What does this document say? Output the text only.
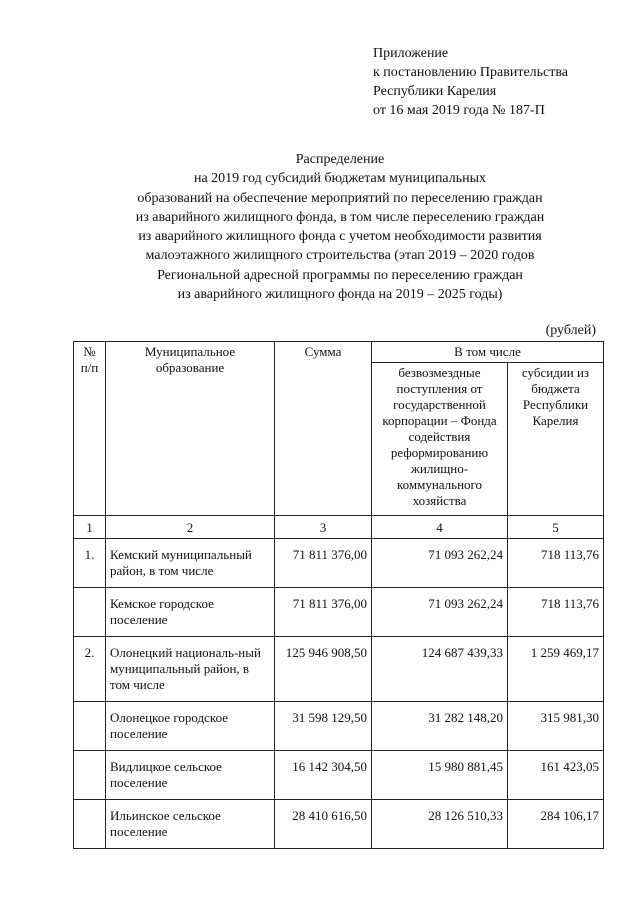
Приложение
к постановлению Правительства
Республики Карелия
от 16 мая 2019 года № 187-П
Распределение
на 2019 год субсидий бюджетам муниципальных
образований на обеспечение мероприятий по переселению граждан
из аварийного жилищного фонда, в том числе переселению граждан
из аварийного жилищного фонда с учетом необходимости развития
малоэтажного жилищного строительства (этап 2019 – 2020 годов
Региональной адресной программы по переселению граждан
из аварийного жилищного фонда на 2019 – 2025 годы)
(рублей)
№ п/п	Муниципальное образование	Сумма	В том числе	
			безвозмездные поступления от государственной корпорации – Фонда содействия реформированию жилищно-коммунального хозяйства	субсидии из бюджета Республики Карелия
1	2	3	4	5
1.	Кемский муниципальный район, в том числе	71 811 376,00	71 093 262,24	718 113,76
	Кемское городское поселение	71 811 376,00	71 093 262,24	718 113,76
2.	Олонецкий националь-ный муниципальный район, в том числе	125 946 908,50	124 687 439,33	1 259 469,17
	Олонецкое городское поселение	31 598 129,50	31 282 148,20	315 981,30
	Видлицкое сельское поселение	16 142 304,50	15 980 881,45	161 423,05
	Ильинское сельское поселение	28 410 616,50	28 126 510,33	284 106,17
